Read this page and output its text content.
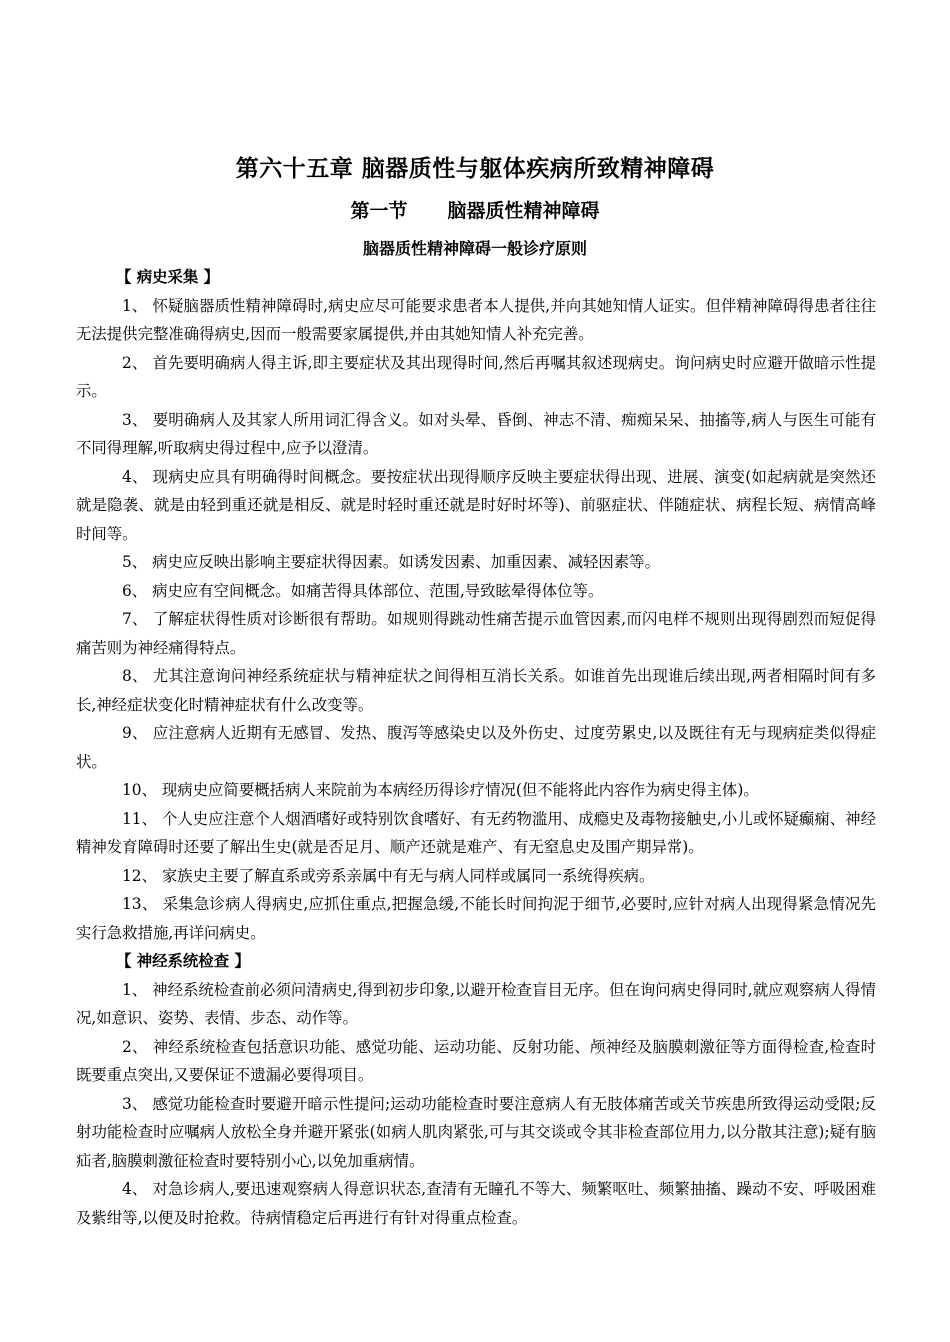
第六十五章 脑器质性与躯体疾病所致精神障碍
第一节 脑器质性精神障碍
脑器质性精神障碍一般诊疗原则

【 病史采集 】

1、 怀疑脑器质性精神障碍时,病史应尽可能要求患者本人提供,并向其她知情人证实。但伴精神障碍得患者往往无法提供完整准确得病史,因而一般需要家属提供,并由其她知情人补充完善。

2、 首先要明确病人得主诉,即主要症状及其出现得时间,然后再嘱其叙述现病史。询问病史时应避开做暗示性提示。

3、 要明确病人及其家人所用词汇得含义。如对头晕、昏倒、神志不清、痴痴呆呆、抽搐等,病人与医生可能有不同得理解,听取病史得过程中,应予以澄清。

4、 现病史应具有明确得时间概念。要按症状出现得顺序反映主要症状得出现、进展、演变(如起病就是突然还就是隐袭、就是由轻到重还就是相反、就是时轻时重还就是时好时坏等)、前驱症状、伴随症状、病程长短、病情高峰时间等。

5、 病史应反映出影响主要症状得因素。如诱发因素、加重因素、减轻因素等。

6、 病史应有空间概念。如痛苦得具体部位、范围,导致眩晕得体位等。

7、 了解症状得性质对诊断很有帮助。如规则得跳动性痛苦提示血管因素,而闪电样不规则出现得剧烈而短促得痛苦则为神经痛得特点。

8、 尤其注意询问神经系统症状与精神症状之间得相互消长关系。如谁首先出现谁后续出现,两者相隔时间有多长,神经症状变化时精神症状有什么改变等。

9、 应注意病人近期有无感冒、发热、腹泻等感染史以及外伤史、过度劳累史,以及既往有无与现病症类似得症状。

10、 现病史应简要概括病人来院前为本病经历得诊疗情况(但不能将此内容作为病史得主体)。

11、 个人史应注意个人烟酒嗜好或特别饮食嗜好、有无药物滥用、成瘾史及毒物接触史,小儿或怀疑癫痫、神经精神发育障碍时还要了解出生史(就是否足月、顺产还就是难产、有无窒息史及围产期异常)。

12、 家族史主要了解直系或旁系亲属中有无与病人同样或属同一系统得疾病。

13、 采集急诊病人得病史,应抓住重点,把握急缓,不能长时间拘泥于细节,必要时,应针对病人出现得紧急情况先实行急救措施,再详问病史。

【 神经系统检查 】

1、 神经系统检查前必须问清病史,得到初步印象,以避开检查盲目无序。但在询问病史得同时,就应观察病人得情况,如意识、姿势、表情、步态、动作等。

2、 神经系统检查包括意识功能、感觉功能、运动功能、反射功能、颅神经及脑膜刺激征等方面得检查,检查时既要重点突出,又要保证不遗漏必要得项目。

3、 感觉功能检查时要避开暗示性提问;运动功能检查时要注意病人有无肢体痛苦或关节疾患所致得运动受限;反射功能检查时应嘱病人放松全身并避开紧张(如病人肌肉紧张,可与其交谈或令其非检查部位用力,以分散其注意);疑有脑疝者,脑膜刺激征检查时要特别小心,以免加重病情。

4、 对急诊病人,要迅速观察病人得意识状态,查清有无瞳孔不等大、频繁呕吐、频繁抽搐、躁动不安、呼吸困难及紫绀等,以便及时抢救。待病情稳定后再进行有针对得重点检查。
